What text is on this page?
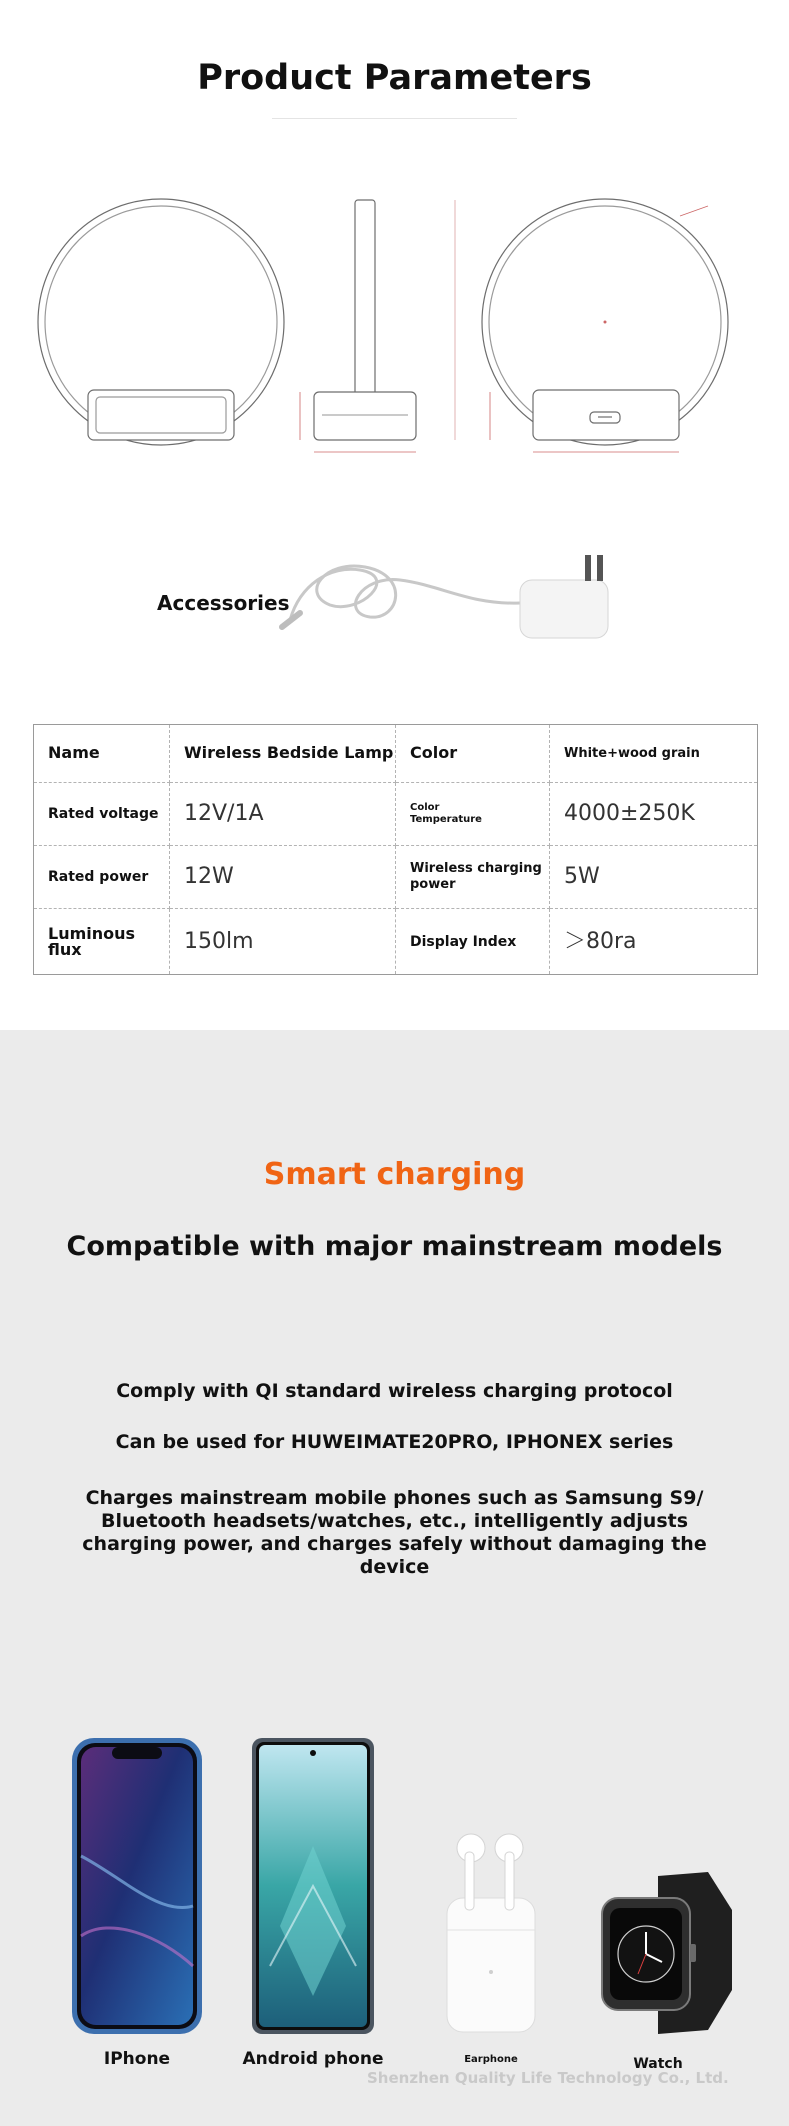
Product Parameters
Accessories
Name	Wireless Bedside Lamp	Color	White+wood grain

Rated voltage	12V/1A	Color Temperature	4000±250K

Rated power	12W	Wireless charging power	5W

Luminous flux	150lm	Display Index	＞80ra
Smart charging
Compatible with major mainstream models
Comply with QI standard wireless charging protocol
Can be used for HUWEIMATE20PRO, IPHONEX series
Charges mainstream mobile phones such as Samsung S9/ Bluetooth headsets/watches, etc., intelligently adjusts charging power, and charges safely without damaging the device
IPhone	Android phone	Earphone	Watch
Shenzhen Quality Life Technology Co., Ltd.
